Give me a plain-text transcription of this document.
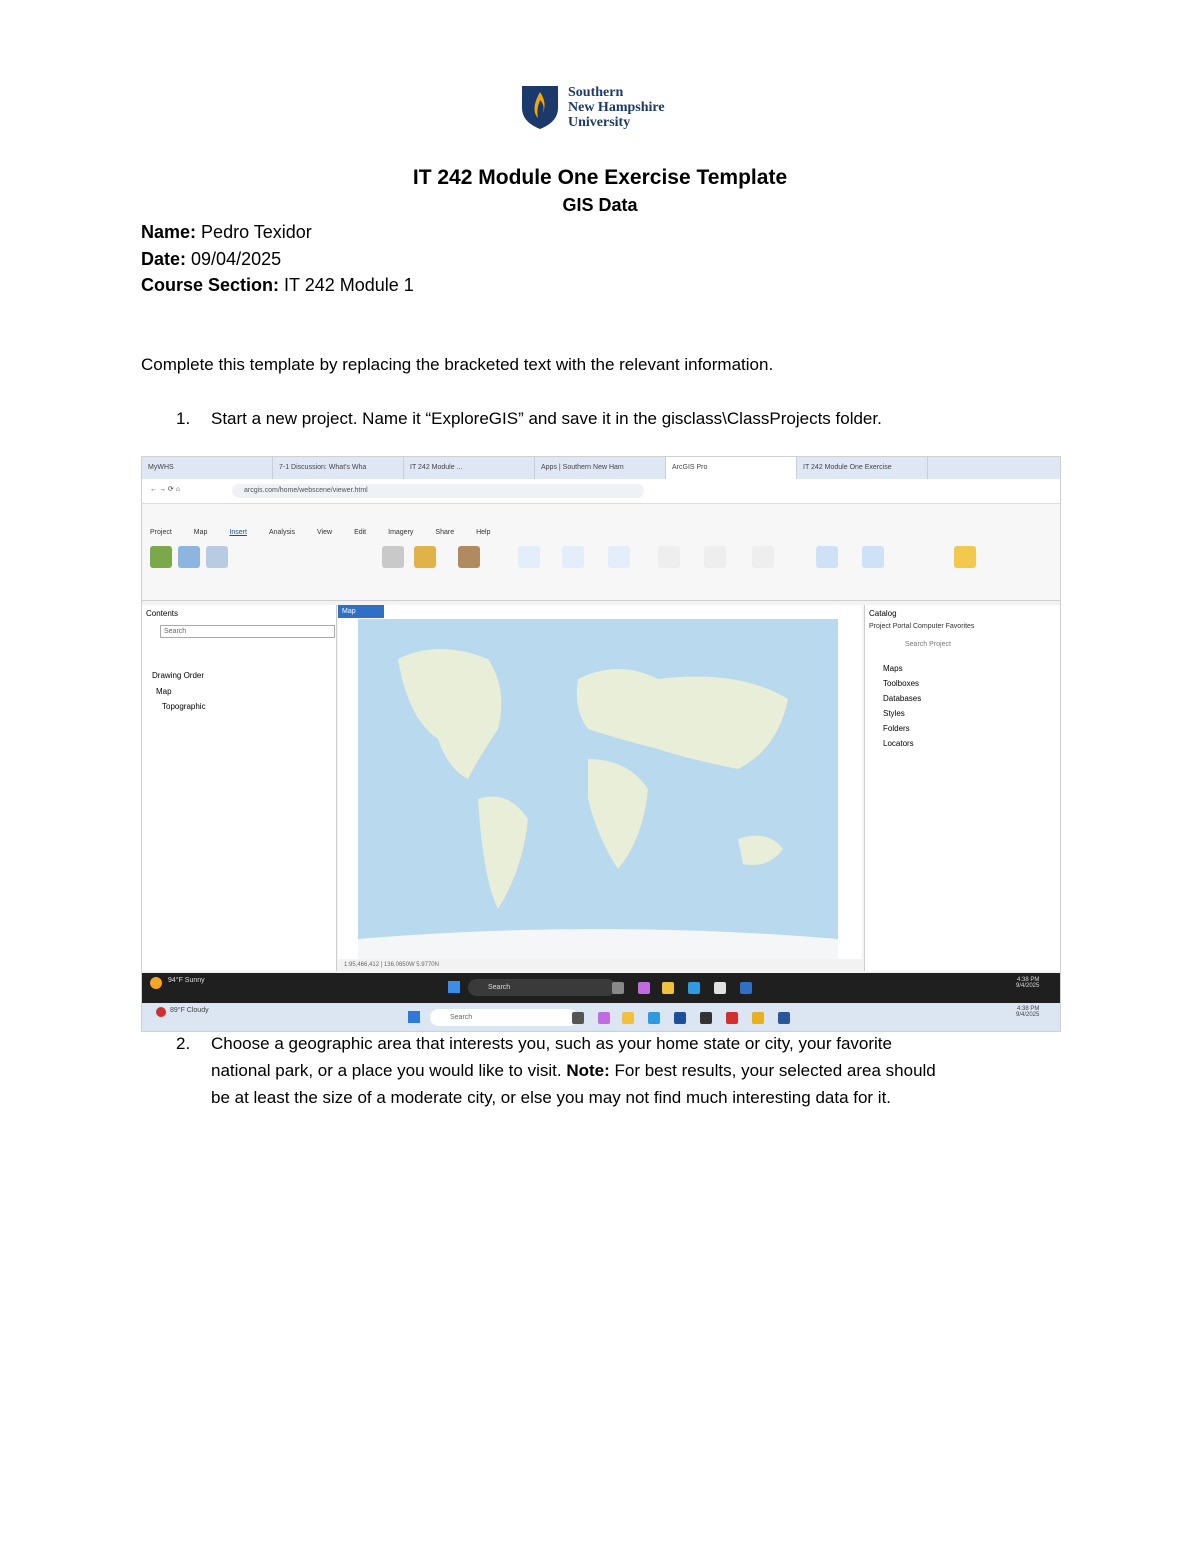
Southern
New Hampshire
University
IT 242 Module One Exercise Template
GIS Data
Name: Pedro Texidor
Date: 09/04/2025
Course Section: IT 242 Module 1
Complete this template by replacing the bracketed text with the relevant information.
1. Start a new project. Name it “ExploreGIS” and save it in the gisclass\ClassProjects folder.
MyWHS	7-1 Discussion: What's Wha	IT 242 Module ...	Apps | Southern New Ham	ArcGIS Pro	IT 242 Module One Exercise
← → ⟳ ⌂	arcgis.com/home/webscene/viewer.html
Project	Map	Insert	Analysis	View	Edit	Imagery	Share	Help
Contents
Search
Drawing Order
Map
Topographic
Map
1:95,466,412 | 136.0650W 5.9770N
Catalog
Project Portal Computer Favorites
Search Project
Maps
Toolboxes
Databases
Styles
Folders
Locators
94°F Sunny
Search
4:38 PM
9/4/2025
89°F Cloudy
Search
4:38 PM
9/4/2025
2. Choose a geographic area that interests you, such as your home state or city, your favorite
national park, or a place you would like to visit. Note: For best results, your selected area should
be at least the size of a moderate city, or else you may not find much interesting data for it.
